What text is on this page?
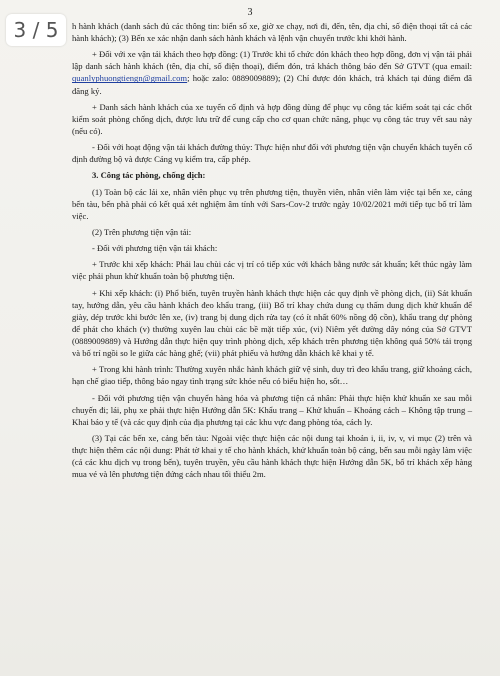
3 / 5
3

h hành khách (danh sách đủ các thông tin: biển số xe, giờ xe chạy, nơi đi, đến, tên, địa chỉ, số điện thoại tất cả các hành khách); (3) Bến xe xác nhận danh sách hành khách và lệnh vận chuyển trước khi khởi hành.

+ Đối với xe vận tải khách theo hợp đồng: (1) Trước khi tổ chức đón khách theo hợp đồng, đơn vị vận tải phải lập danh sách hành khách (tên, địa chỉ, số điện thoại), điểm đón, trả khách thông báo đến Sở GTVT (qua email: quanlyphuongtiengn@gmail.com; hoặc zalo: 0889009889); (2) Chỉ được đón khách, trả khách tại đúng điểm đã đăng ký.

+ Danh sách hành khách của xe tuyến cố định và hợp đồng dùng để phục vụ công tác kiểm soát tại các chốt kiểm soát phòng chống dịch, được lưu trữ để cung cấp cho cơ quan chức năng, phục vụ công tác truy vết sau này (nếu có).

- Đối với hoạt động vận tải khách đường thủy: Thực hiện như đối với phương tiện vận chuyển khách tuyến cố định đường bộ và được Cảng vụ kiểm tra, cấp phép.

3. Công tác phòng, chống dịch:

(1) Toàn bộ các lái xe, nhân viên phục vụ trên phương tiện, thuyền viên, nhân viên làm việc tại bến xe, cảng bến tàu, bến phà phải có kết quả xét nghiệm âm tính với Sars-Cov-2 trước ngày 10/02/2021 mới tiếp tục bố trí làm việc.

(2) Trên phương tiện vận tải:

- Đối với phương tiện vận tải khách:

+ Trước khi xếp khách: Phải lau chùi các vị trí có tiếp xúc với khách bằng nước sát khuẩn; kết thúc ngày làm việc phải phun khử khuẩn toàn bộ phương tiện.

+ Khi xếp khách: (i) Phổ biến, tuyên truyền hành khách thực hiện các quy định về phòng dịch, (ii) Sát khuẩn tay, hướng dẫn, yêu cầu hành khách đeo khẩu trang, (iii) Bố trí khay chứa dung cụ thấm dung dịch khử khuẩn để giày, dép trước khi bước lên xe, (iv) trang bị dung dịch rửa tay (có ít nhất 60% nồng độ cồn), khẩu trang dự phòng để phát cho khách (v) thường xuyên lau chùi các bề mặt tiếp xúc, (vi) Niêm yết đường dây nóng của Sở GTVT (0889009889) và Hướng dẫn thực hiện quy trình phòng dịch, xếp khách trên phương tiện không quá 50% tải trọng và bố trí ngồi so le giữa các hàng ghế; (vii) phát phiếu và hướng dẫn khách kê khai y tế.

+ Trong khi hành trình: Thường xuyên nhắc hành khách giữ vệ sinh, duy trì đeo khẩu trang, giữ khoảng cách, hạn chế giao tiếp, thông báo ngay tình trạng sức khỏe nếu có biểu hiện ho, sốt…

- Đối với phương tiện vận chuyển hàng hóa và phương tiện cá nhân: Phải thực hiện khử khuẩn xe sau mỗi chuyến đi; lái, phụ xe phải thực hiện Hướng dẫn 5K: Khẩu trang – Khử khuẩn – Khoảng cách – Không tập trung – Khai báo y tế (và các quy định của địa phương tại các khu vực đang phòng tỏa, cách ly.

(3) Tại các bến xe, cảng bến tàu: Ngoài việc thực hiện các nội dung tại khoản i, ii, iv, v, vi mục (2) trên và thực hiện thêm các nội dung: Phát tờ khai y tế cho hành khách, khử khuẩn toàn bộ cảng, bến sau mỗi ngày làm việc (cả các khu dịch vụ trong bến), tuyên truyền, yêu cầu hành khách thực hiện Hướng dẫn 5K, bố trí khách xếp hàng mua vé và lên phương tiện đứng cách nhau tối thiểu 2m.
